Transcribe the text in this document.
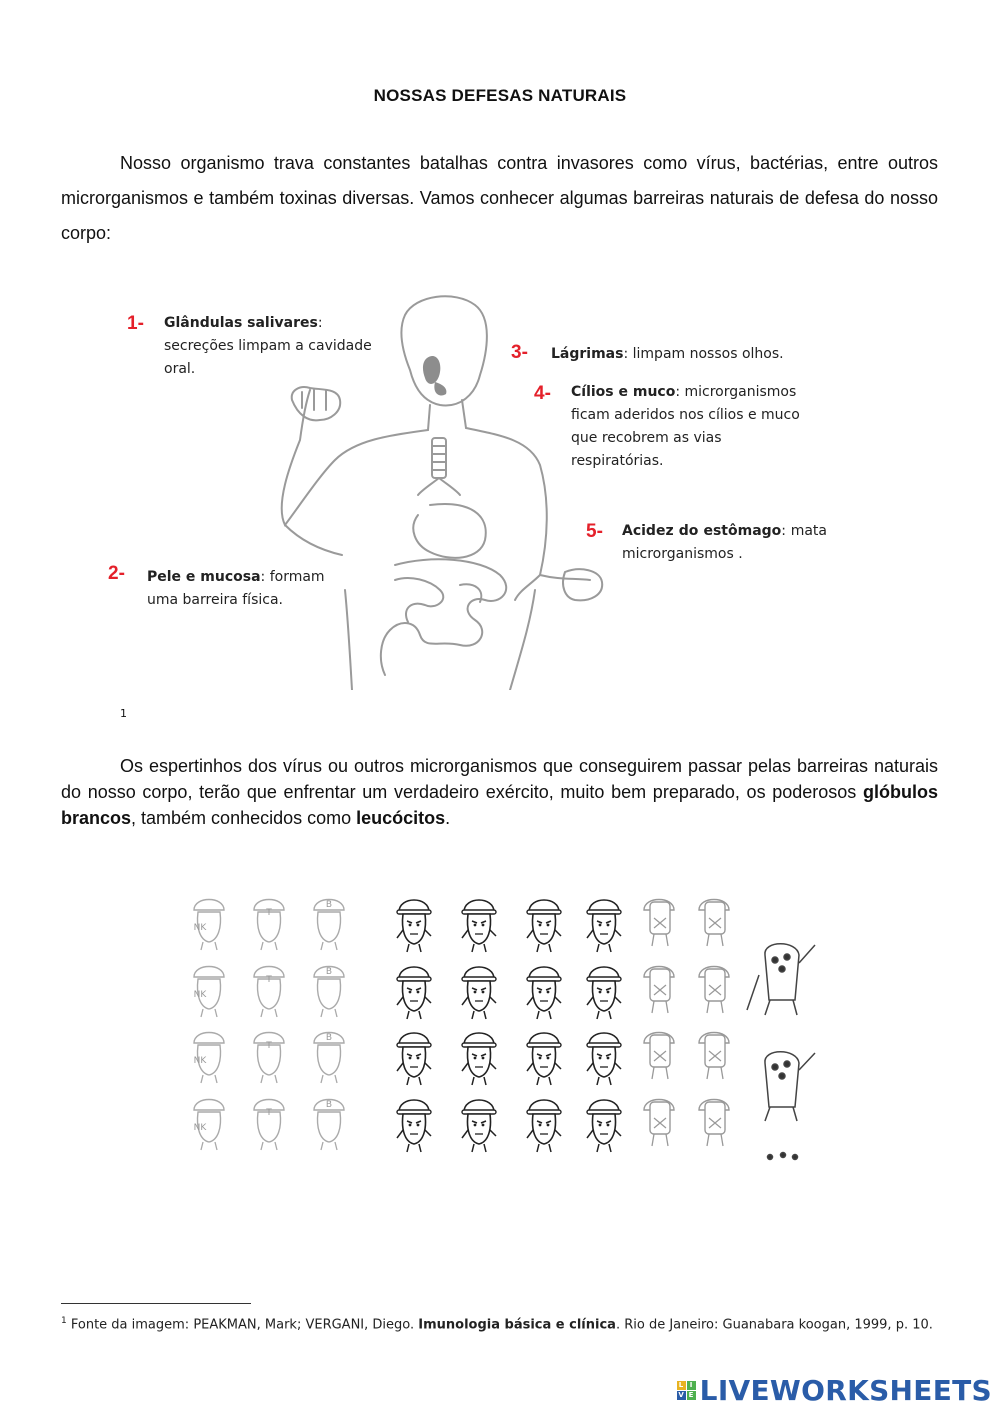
NOSSAS DEFESAS NATURAIS
Nosso organismo trava constantes batalhas contra invasores como vírus, bactérias, entre outros microrganismos e também toxinas diversas. Vamos conhecer algumas barreiras naturais de defesa do nosso corpo:
1- Glândulas salivares: secreções limpam a cavidade oral.
2- Pele e mucosa: formam uma barreira física.
3- Lágrimas: limpam nossos olhos.
4- Cílios e muco: microrganismos ficam aderidos nos cílios e muco que recobrem as vias respiratórias.
5- Acidez do estômago: mata microrganismos .
1
Os espertinhos dos vírus ou outros microrganismos que conseguirem passar pelas barreiras naturais do nosso corpo, terão que enfrentar um verdadeiro exército, muito bem preparado, os poderosos glóbulos brancos, também conhecidos como leucócitos.
NK
NK
NK
NK
T
T
T
T
B
B
B
B
$^1$ Fonte da imagem: PEAKMAN, Mark; VERGANI, Diego. Imunologia básica e clínica. Rio de Janeiro: Guanabara koogan, 1999, p. 10.
L I
V E LIVEWORKSHEETS
